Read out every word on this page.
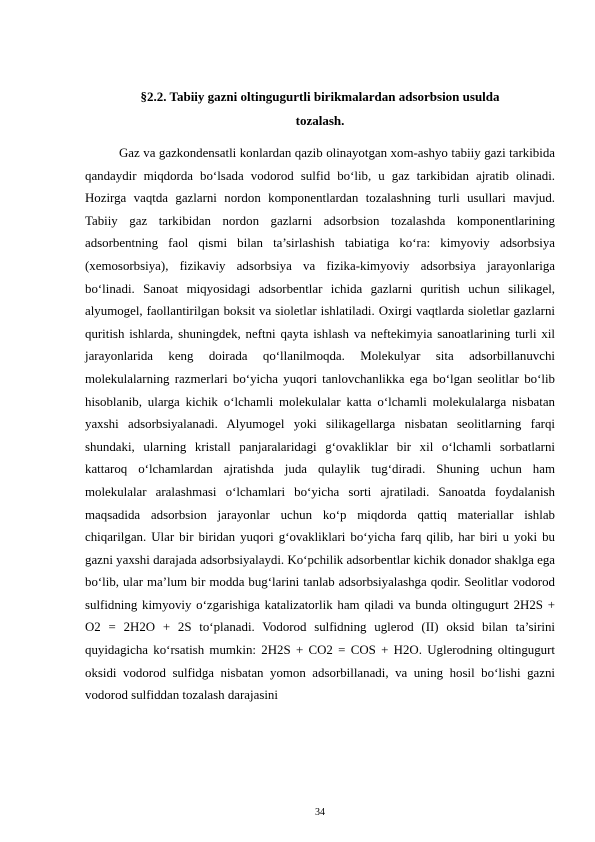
§2.2. Tabiiy gazni oltingugurtli birikmalardan adsorbsion usulda
tozalash.

Gaz va gazkondensatli konlardan qazib olinayotgan xom-ashyo tabiiy gazi tarkibida qandaydir miqdorda bo‘lsada vodorod sulfid bo‘lib, u gaz tarkibidan ajratib olinadi. Hozirga vaqtda gazlarni nordon komponentlardan tozalashning turli usullari mavjud. Tabiiy gaz tarkibidan nordon gazlarni adsorbsion tozalashda komponentlarining adsorbentning faol qismi bilan ta’sirlashish tabiatiga ko‘ra: kimyoviy adsorbsiya (xemosorbsiya), fizikaviy adsorbsiya va fizika-kimyoviy adsorbsiya jarayonlariga bo‘linadi. Sanoat miqyosidagi adsorbentlar ichida gazlarni quritish uchun silikagel, alyumogel, faollantirilgan boksit va sioletlar ishlatiladi. Oxirgi vaqtlarda sioletlar gazlarni quritish ishlarda, shuningdek, neftni qayta ishlash va neftekimyia sanoatlarining turli xil jarayonlarida keng doirada qo‘llanilmoqda. Molekulyar sita adsorbillanuvchi molekulalarning razmerlari bo‘yicha yuqori tanlovchanlikka ega bo‘lgan seolitlar bo‘lib hisoblanib, ularga kichik o‘lchamli molekulalar katta o‘lchamli molekulalarga nisbatan yaxshi adsorbsiyalanadi. Alyumogel yoki silikagellarga nisbatan seolitlarning farqi shundaki, ularning kristall panjaralaridagi g‘ovakliklar bir xil o‘lchamli sorbatlarni kattaroq o‘lchamlardan ajratishda juda qulaylik tug‘diradi. Shuning uchun ham molekulalar aralashmasi o‘lchamlari bo‘yicha sorti ajratiladi. Sanoatda foydalanish maqsadida adsorbsion jarayonlar uchun ko‘p miqdorda qattiq materiallar ishlab chiqarilgan. Ular bir biridan yuqori g‘ovakliklari bo‘yicha farq qilib, har biri u yoki bu gazni yaxshi darajada adsorbsiyalaydi. Ko‘pchilik adsorbentlar kichik donador shaklga ega bo‘lib, ular ma’lum bir modda bug‘larini tanlab adsorbsiyalashga qodir. Seolitlar vodorod sulfidning kimyoviy o‘zgarishiga katalizatorlik ham qiladi va bunda oltingugurt 2H2S + O2 = 2H2O + 2S to‘planadi. Vodorod sulfidning uglerod (II) oksid bilan ta’sirini quyidagicha ko‘rsatish mumkin: 2H2S + CO2 = COS + H2O. Uglerodning oltingugurt oksidi vodorod sulfidga nisbatan yomon adsorbillanadi, va uning hosil bo‘lishi gazni vodorod sulfiddan tozalash darajasini

34
